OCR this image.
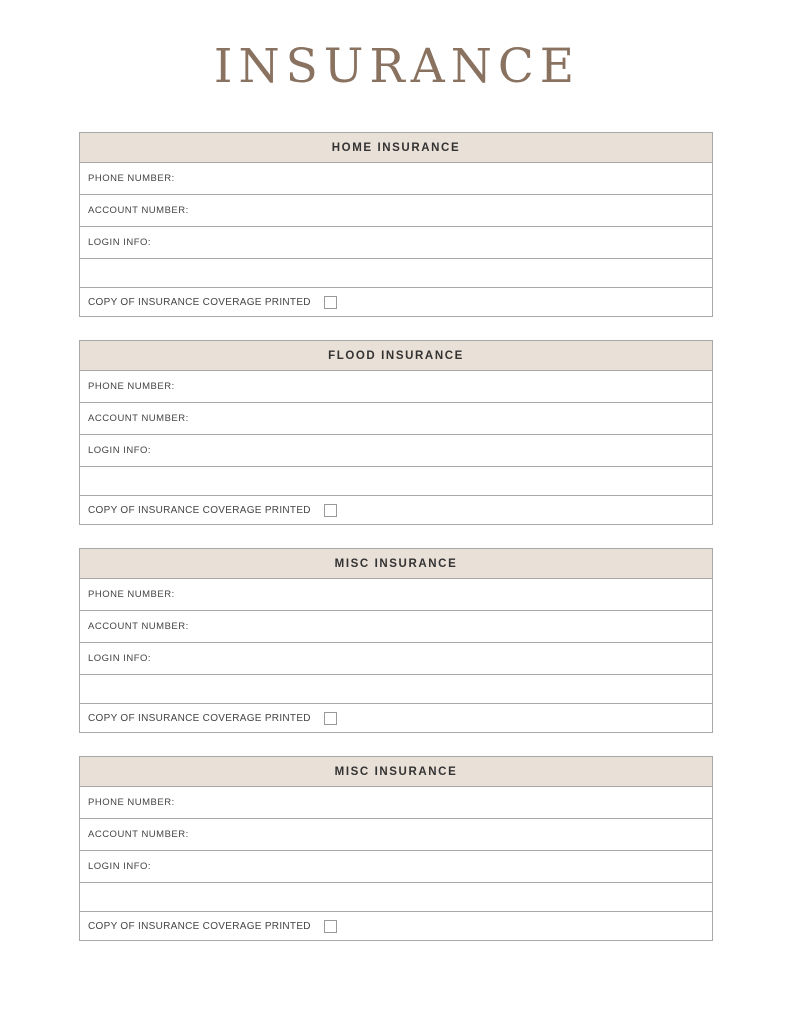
INSURANCE
HOME INSURANCE
PHONE NUMBER:
ACCOUNT NUMBER:
LOGIN INFO:
COPY OF INSURANCE COVERAGE PRINTED
FLOOD INSURANCE
PHONE NUMBER:
ACCOUNT NUMBER:
LOGIN INFO:
COPY OF INSURANCE COVERAGE PRINTED
MISC INSURANCE
PHONE NUMBER:
ACCOUNT NUMBER:
LOGIN INFO:
COPY OF INSURANCE COVERAGE PRINTED
MISC INSURANCE
PHONE NUMBER:
ACCOUNT NUMBER:
LOGIN INFO:
COPY OF INSURANCE COVERAGE PRINTED
